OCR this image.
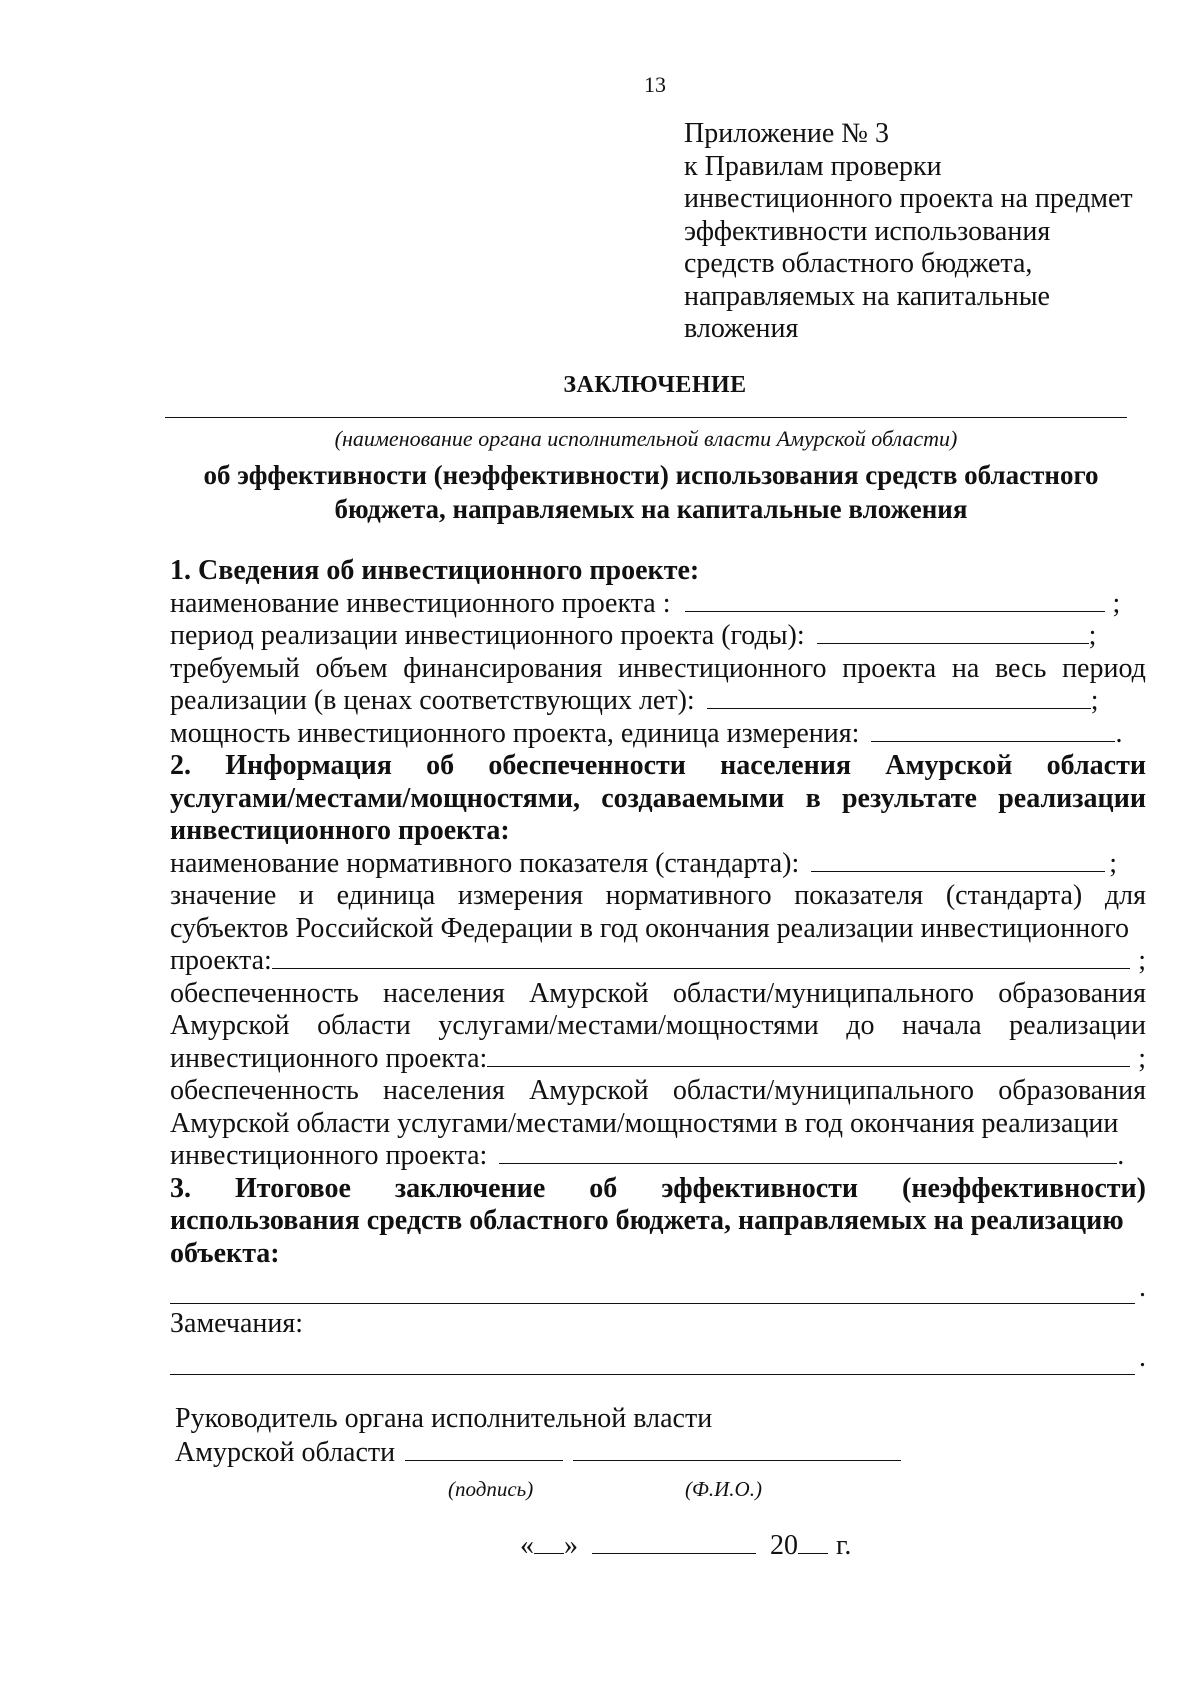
13
Приложение № 3
к Правилам проверки
инвестиционного проекта на предмет
эффективности использования
средств областного бюджета,
направляемых на капитальные
вложения
ЗАКЛЮЧЕНИЕ
(наименование органа исполнительной власти Амурской области)
об эффективности (неэффективности) использования средств областного бюджета, направляемых на капитальные вложения
1. Сведения об инвестиционного проекте:
наименование инвестиционного проекта :	;
период реализации инвестиционного проекта (годы):	;
требуемый объем финансирования инвестиционного проекта на весь период
реализации (в ценах соответствующих лет):	;
мощность инвестиционного проекта, единица измерения:	.
2. Информация об обеспеченности населения Амурской области
услугами/местами/мощностями, создаваемыми в результате реализации
инвестиционного проекта:
наименование нормативного показателя (стандарта):	;
значение и единица измерения нормативного показателя (стандарта) для
субъектов Российской Федерации в год окончания реализации инвестиционного
проекта:	;
обеспеченность населения Амурской области/муниципального образования
Амурской области услугами/местами/мощностями до начала реализации
инвестиционного проекта:	;
обеспеченность населения Амурской области/муниципального образования
Амурской области услугами/местами/мощностями в год окончания реализации
инвестиционного проекта:	.
3. Итоговое заключение об эффективности (неэффективности)
использования средств областного бюджета, направляемых на реализацию
объекта:
.
Замечания:
.
Руководитель органа исполнительной власти
Амурской области
(подпись)	(Ф.И.О.)
« »	20 г.
